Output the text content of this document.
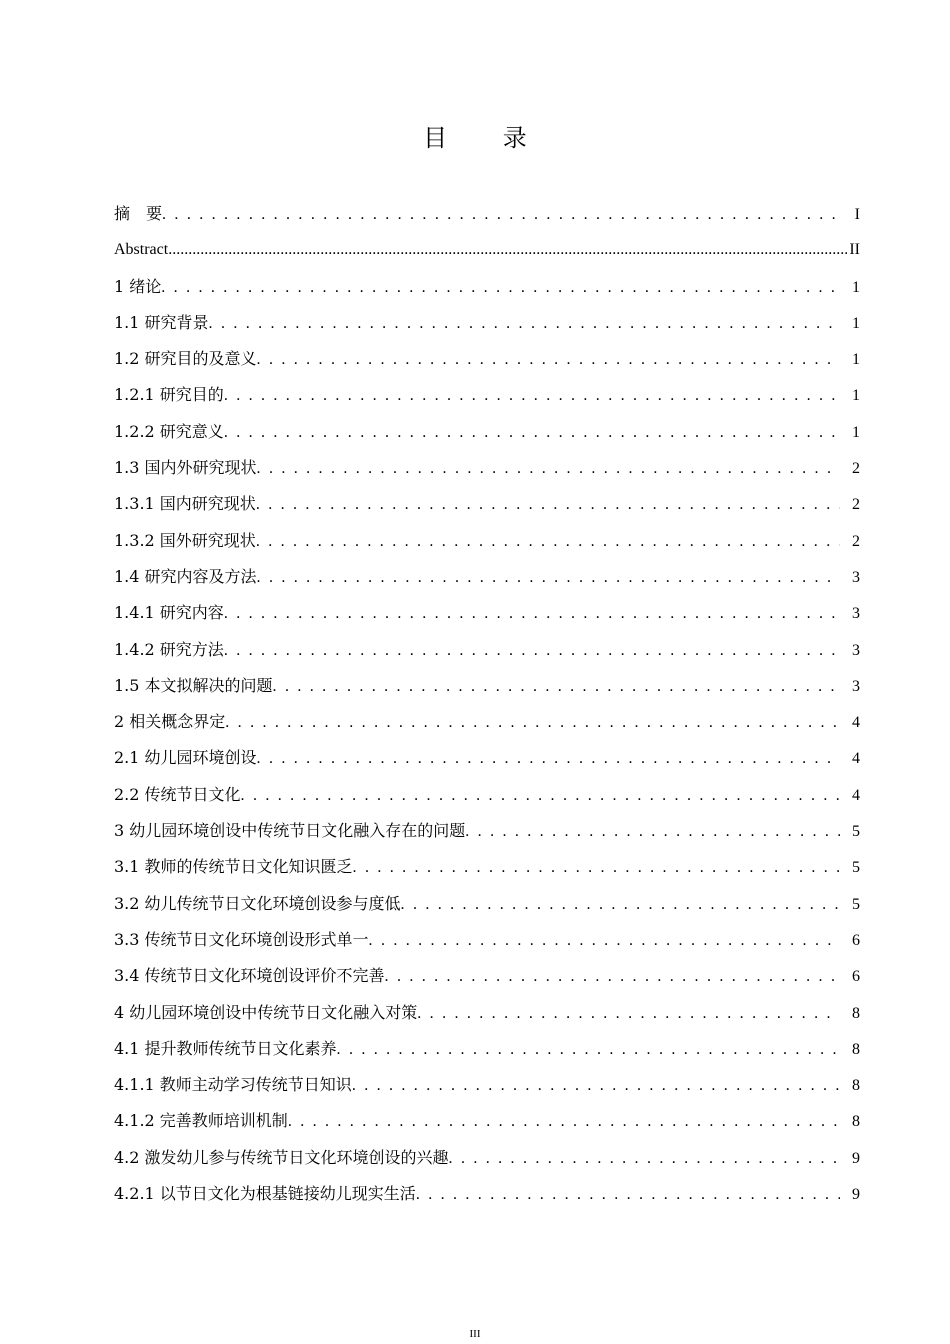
目 录
摘　要 . . .	I
Abstract .....	II
1 绪论 . . .	1
1.1 研究背景 . . .	1
1.2 研究目的及意义 . . .	1
1.2.1 研究目的 . . .	1
1.2.2 研究意义 . . .	1
1.3 国内外研究现状 . . .	2
1.3.1 国内研究现状 . . .	2
1.3.2 国外研究现状 . . .	2
1.4 研究内容及方法 . . .	3
1.4.1 研究内容 . . .	3
1.4.2 研究方法 . . .	3
1.5 本文拟解决的问题 . . .	3
2 相关概念界定 . . .	4
2.1 幼儿园环境创设 . . .	4
2.2 传统节日文化 . . .	4
3 幼儿园环境创设中传统节日文化融入存在的问题 . . .	5
3.1 教师的传统节日文化知识匮乏 . . .	5
3.2 幼儿传统节日文化环境创设参与度低 . . .	5
3.3 传统节日文化环境创设形式单一 . . .	6
3.4 传统节日文化环境创设评价不完善 . . .	6
4 幼儿园环境创设中传统节日文化融入对策 . . .	8
4.1 提升教师传统节日文化素养 . . .	8
4.1.1 教师主动学习传统节日知识 . . .	8
4.1.2 完善教师培训机制 . . .	8
4.2 激发幼儿参与传统节日文化环境创设的兴趣 . . .	9
4.2.1 以节日文化为根基链接幼儿现实生活 . . .	9
III
